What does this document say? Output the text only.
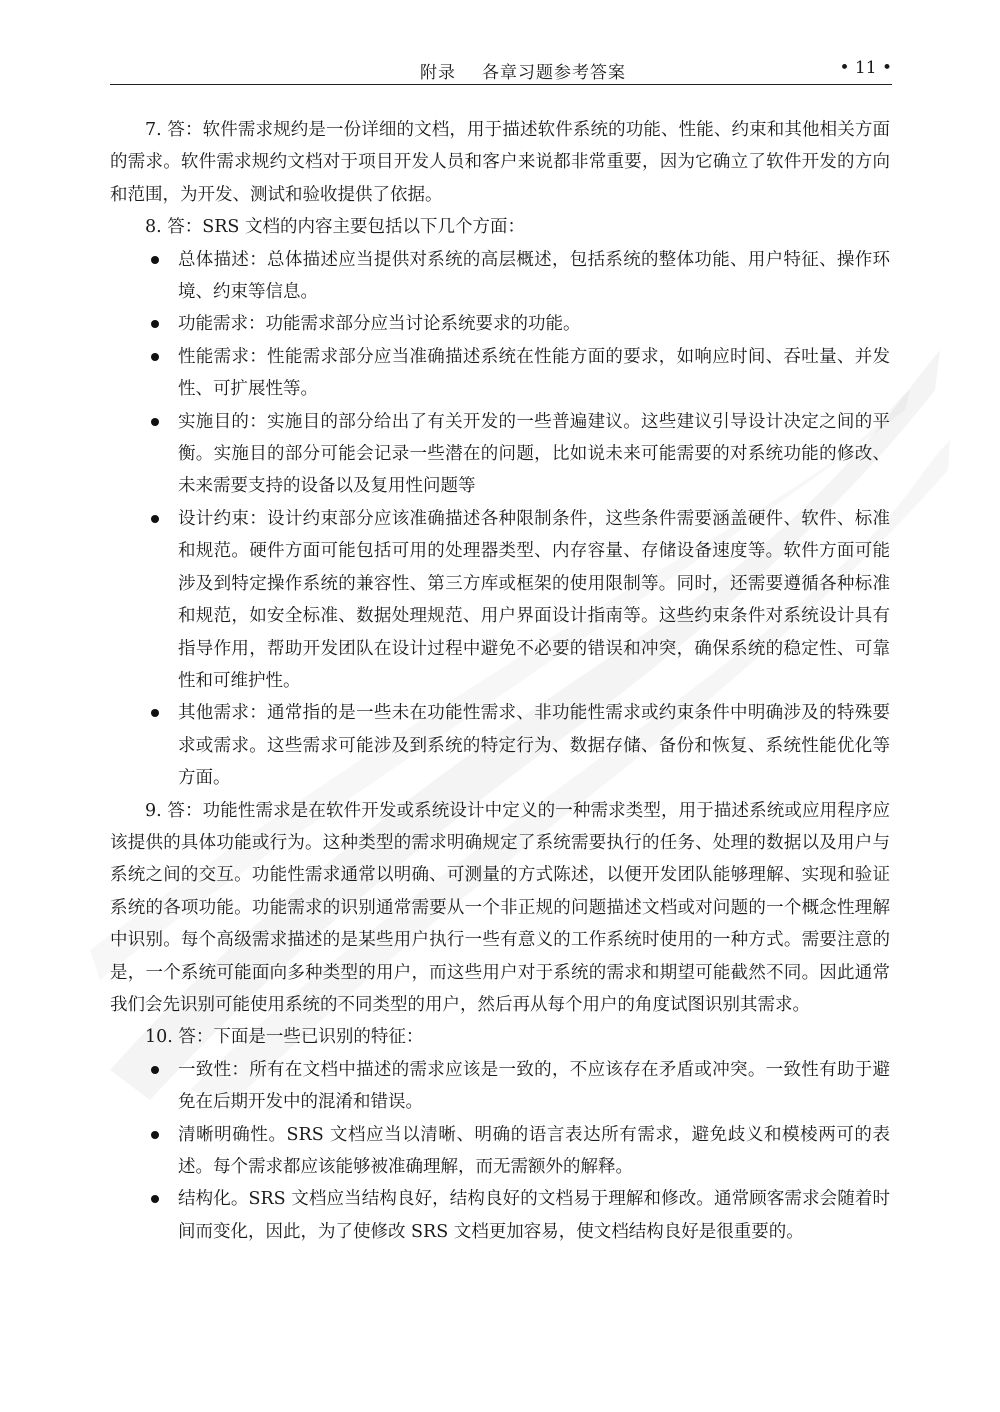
附录 各章习题参考答案	• 11 •

7. 答：软件需求规约是一份详细的文档，用于描述软件系统的功能、性能、约束和其他相关方面的需求。软件需求规约文档对于项目开发人员和客户来说都非常重要，因为它确立了软件开发的方向和范围，为开发、测试和验收提供了依据。

8. 答：SRS 文档的内容主要包括以下几个方面：

总体描述：总体描述应当提供对系统的高层概述，包括系统的整体功能、用户特征、操作环境、约束等信息。
功能需求：功能需求部分应当讨论系统要求的功能。
性能需求：性能需求部分应当准确描述系统在性能方面的要求，如响应时间、吞吐量、并发性、可扩展性等。
实施目的：实施目的部分给出了有关开发的一些普遍建议。这些建议引导设计决定之间的平衡。实施目的部分可能会记录一些潜在的问题，比如说未来可能需要的对系统功能的修改、未来需要支持的设备以及复用性问题等
设计约束：设计约束部分应该准确描述各种限制条件，这些条件需要涵盖硬件、软件、标准和规范。硬件方面可能包括可用的处理器类型、内存容量、存储设备速度等。软件方面可能涉及到特定操作系统的兼容性、第三方库或框架的使用限制等。同时，还需要遵循各种标准和规范，如安全标准、数据处理规范、用户界面设计指南等。这些约束条件对系统设计具有指导作用，帮助开发团队在设计过程中避免不必要的错误和冲突，确保系统的稳定性、可靠性和可维护性。
其他需求：通常指的是一些未在功能性需求、非功能性需求或约束条件中明确涉及的特殊要求或需求。这些需求可能涉及到系统的特定行为、数据存储、备份和恢复、系统性能优化等方面。

9. 答：功能性需求是在软件开发或系统设计中定义的一种需求类型，用于描述系统或应用程序应该提供的具体功能或行为。这种类型的需求明确规定了系统需要执行的任务、处理的数据以及用户与系统之间的交互。功能性需求通常以明确、可测量的方式陈述，以便开发团队能够理解、实现和验证系统的各项功能。功能需求的识别通常需要从一个非正规的问题描述文档或对问题的一个概念性理解中识别。每个高级需求描述的是某些用户执行一些有意义的工作系统时使用的一种方式。需要注意的是，一个系统可能面向多种类型的用户，而这些用户对于系统的需求和期望可能截然不同。因此通常我们会先识别可能使用系统的不同类型的用户，然后再从每个用户的角度试图识别其需求。

10. 答：下面是一些已识别的特征：

一致性：所有在文档中描述的需求应该是一致的，不应该存在矛盾或冲突。一致性有助于避免在后期开发中的混淆和错误。
清晰明确性。SRS 文档应当以清晰、明确的语言表达所有需求，避免歧义和模棱两可的表述。每个需求都应该能够被准确理解，而无需额外的解释。
结构化。SRS 文档应当结构良好，结构良好的文档易于理解和修改。通常顾客需求会随着时间而变化，因此，为了使修改 SRS 文档更加容易，使文档结构良好是很重要的。
